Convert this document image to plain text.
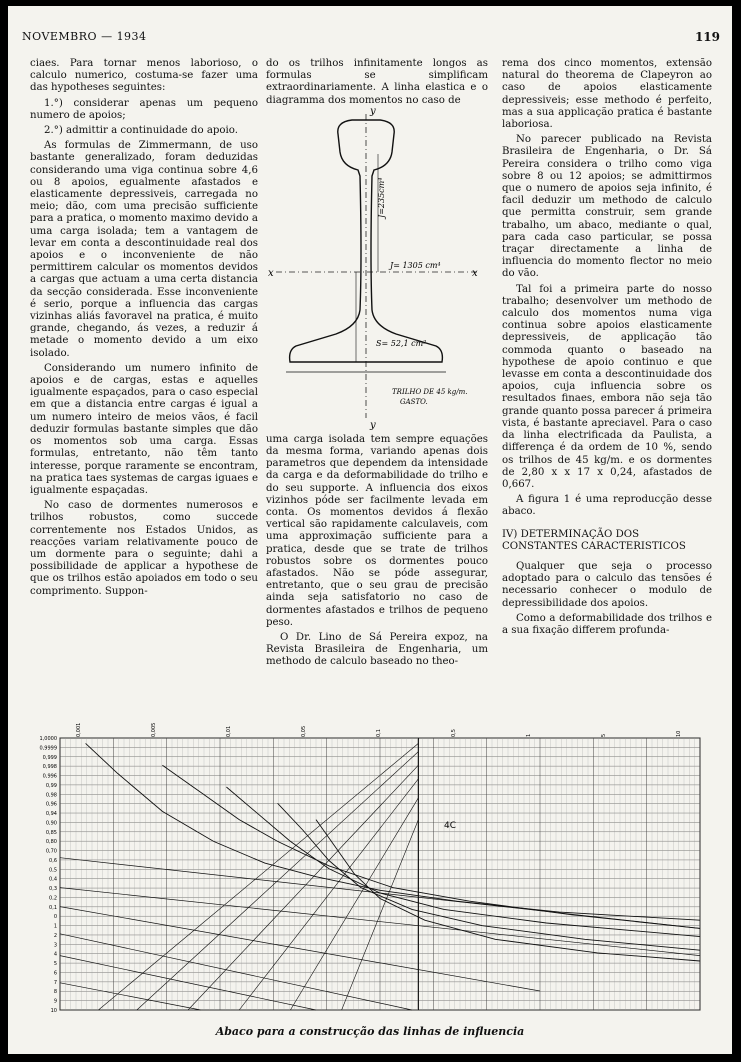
NOVEMBRO — 1934	119

ciaes. Para tornar menos laborioso, o calculo numerico, costuma-se fazer uma das hypotheses seguintes:

1.°) considerar apenas um pequeno numero de apoios;

2.°) admittir a continuidade do apoio.

As formulas de Zimmermann, de uso bastante generalizado, foram deduzidas considerando uma viga continua sobre 4,6 ou 8 apoios, egualmente afastados e elasticamente depressiveis, carregada no meio; dão, com uma precisão sufficiente para a pratica, o momento maximo devido a uma carga isolada; tem a vantagem de levar em conta a descontinuidade real dos apoios e o inconveniente de não permittirem calcular os momentos devidos a cargas que actuam a uma certa distancia da secção considerada. Esse inconveniente é serio, porque a influencia das cargas vizinhas aliás favoravel na pratica, é muito grande, chegando, ás vezes, a reduzir á metade o momento devido a um eixo isolado.

Considerando um numero infinito de apoios e de cargas, estas e aquelles igualmente espaçados, para o caso especial em que a distancia entre cargas é igual a um numero inteiro de meios vãos, é facil deduzir formulas bastante simples que dão os momentos sob uma carga. Essas formulas, entretanto, não têm tanto interesse, porque raramente se encontram, na pratica taes systemas de cargas iguaes e igualmente espaçadas.

No caso de dormentes numerosos e trilhos robustos, como succede correntemente nos Estados Unidos, as reacções variam relativamente pouco de um dormente para o seguinte; dahi a possibilidade de applicar a hypothese de que os trilhos estão apoiados em todo o seu comprimento. Suppon-

do os trilhos infinitamente longos as formulas se simplificam extraordinariamente. A linha elastica e o diagramma dos momentos no caso de

y
y
x	x
J= 1305 cm⁴
J=235cm⁴
S= 52,1 cm²
TRILHO DE 45 kg/m.
GASTO.

uma carga isolada tem sempre equações da mesma forma, variando apenas dois parametros que dependem da intensidade da carga e da deformabilidade do trilho e do seu supporte. A influencia dos eixos vizinhos póde ser facilmente levada em conta. Os momentos devidos á flexão vertical são rapidamente calculaveis, com uma approximação sufficiente para a pratica, desde que se trate de trilhos robustos sobre os dormentes pouco afastados. Não se póde assegurar, entretanto, que o seu grau de precisão ainda seja satisfatorio no caso de dormentes afastados e trilhos de pequeno peso.

O Dr. Lino de Sá Pereira expoz, na Revista Brasileira de Engenharia, um methodo de calculo baseado no theo-

rema dos cinco momentos, extensão natural do theorema de Clapeyron ao caso de apoios elasticamente depressiveis; esse methodo é perfeito, mas a sua applicação pratica é bastante laboriosa.

No parecer publicado na Revista Brasileira de Engenharia, o Dr. Sá Pereira considera o trilho como viga sobre 8 ou 12 apoios; se admittirmos que o numero de apoios seja infinito, é facil deduzir um methodo de calculo que permitta construir, sem grande trabalho, um abaco, mediante o qual, para cada caso particular, se possa traçar directamente a linha de influencia do momento flector no meio do vão.

Tal foi a primeira parte do nosso trabalho; desenvolver um methodo de calculo dos momentos numa viga continua sobre apoios elasticamente depressiveis, de applicação tão commoda quanto o baseado na hypothese de apoio continuo e que levasse em conta a descontinuidade dos apoios, cuja influencia sobre os resultados finaes, embora não seja tão grande quanto possa parecer á primeira vista, é bastante apreciavel. Para o caso da linha electrificada da Paulista, a differença é da ordem de 10 %, sendo os trilhos de 45 kg/m. e os dormentes de 2,80 x x 17 x 0,24, afastados de 0,667.

A figura 1 é uma reproducção desse abaco.

IV) DETERMINAÇÃO DOS CONSTANTES CARACTERISTICOS

Qualquer que seja o processo adoptado para o calculo das tensões é necessario conhecer o modulo de depressibilidade dos apoios.

Como a deformabilidade dos trilhos e a sua fixação differem profunda-

1,0000
0,9999
0,999
0,998
0,996
0,99
0,98
0,96
0,94
0,90
0,85
0,80
0,70
0,6
0,5
0,4
0,3
0,2
0,1
0
1
2
3
4
5
6
7
8
9
10
0,001	0,005	0,01	0,05	0,1	0,5	1	5	10
4C
Abaco para a construcção das linhas de influencia
